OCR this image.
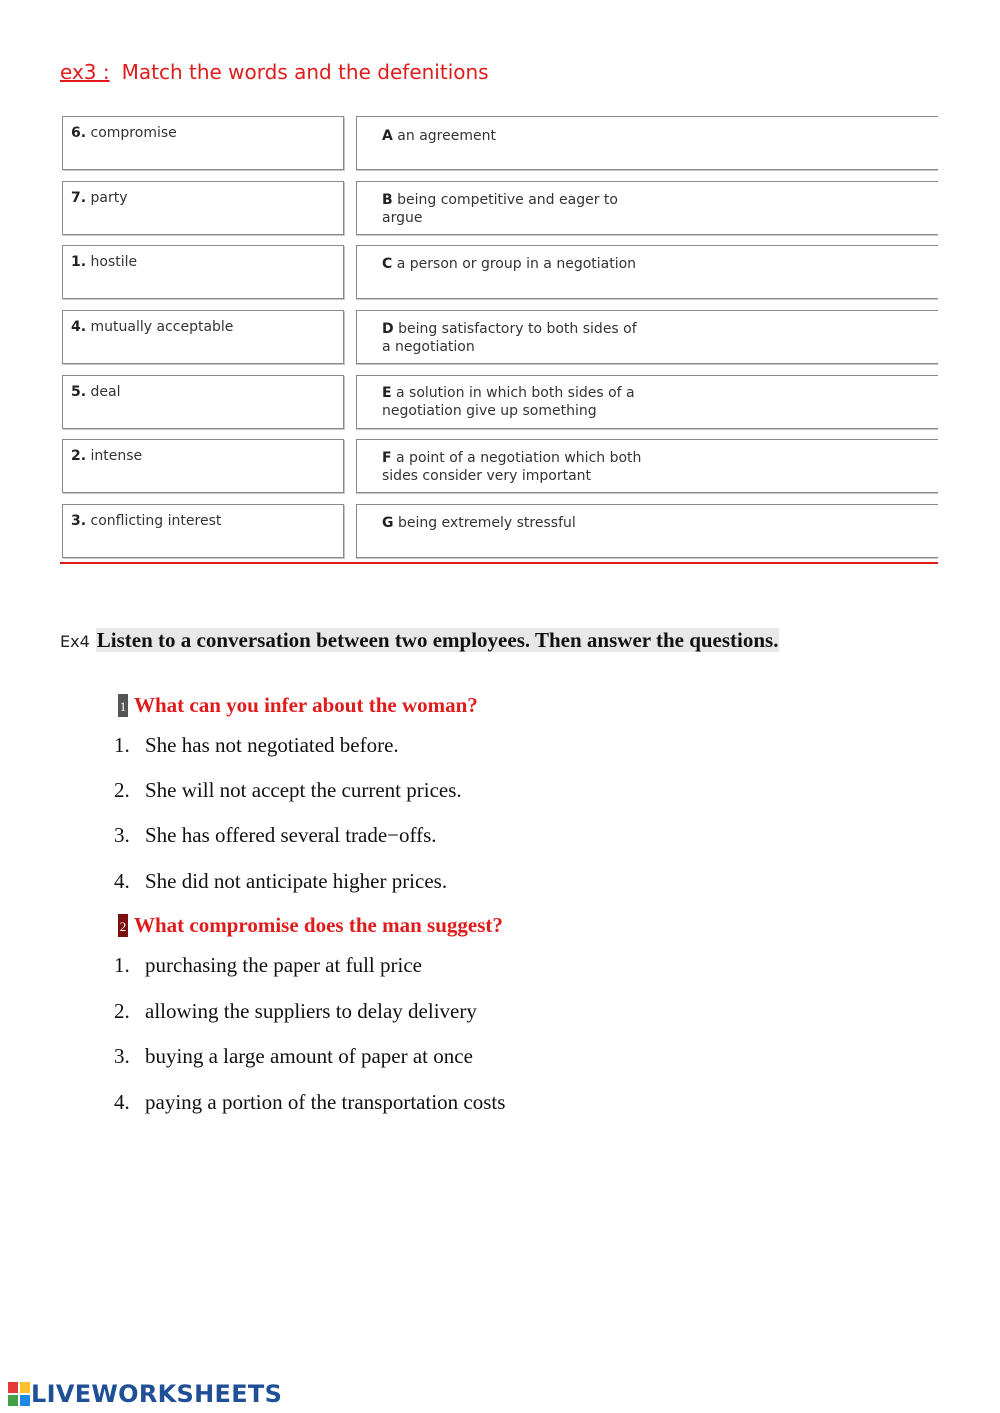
ex3 : Match the words and the defenitions
6. compromise	A an agreement
7. party	B being competitive and eager to argue
1. hostile	C a person or group in a negotiation
4. mutually acceptable	D being satisfactory to both sides of a negotiation
5. deal	E a solution in which both sides of a negotiation give up something
2. intense	F a point of a negotiation which both sides consider very important
3. conflicting interest	G being extremely stressful
Ex4 Listen to a conversation between two employees. Then answer the questions.
1 What can you infer about the woman?
1. She has not negotiated before.
2. She will not accept the current prices.
3. She has offered several trade−offs.
4. She did not anticipate higher prices.
2 What compromise does the man suggest?
1. purchasing the paper at full price
2. allowing the suppliers to delay delivery
3. buying a large amount of paper at once
4. paying a portion of the transportation costs
LIVEWORKSHEETS
